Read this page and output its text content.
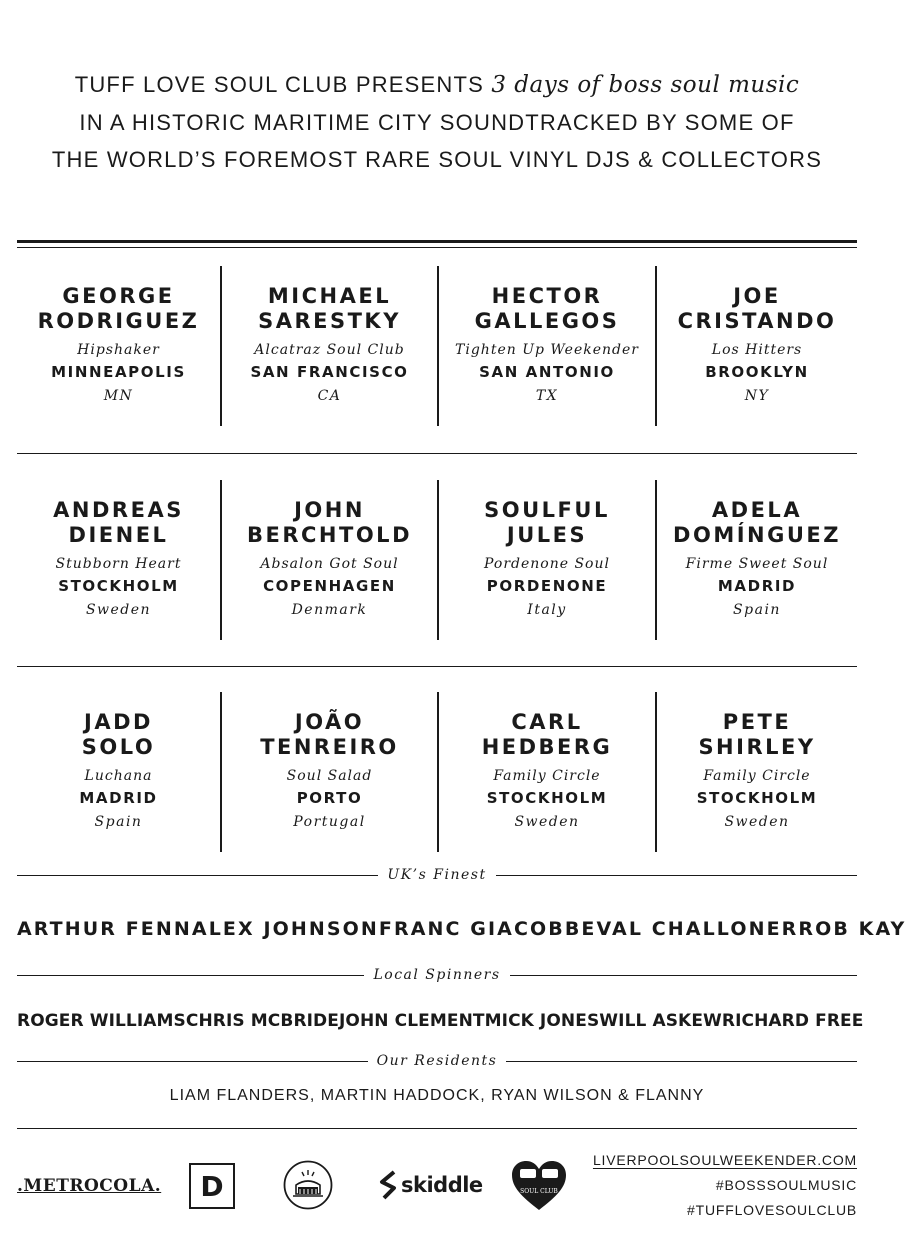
TUFF LOVE SOUL CLUB PRESENTS 3 days of boss soul music
IN A HISTORIC MARITIME CITY SOUNDTRACKED BY SOME OF
THE WORLD’S FOREMOST RARE SOUL VINYL DJS & COLLECTORS
GEORGE
RODRIGUEZ
Hipshaker
MINNEAPOLIS
MN
MICHAEL
SARESTKY
Alcatraz Soul Club
SAN FRANCISCO
CA
HECTOR
GALLEGOS
Tighten Up Weekender
SAN ANTONIO
TX
JOE
CRISTANDO
Los Hitters
BROOKLYN
NY
ANDREAS
DIENEL
Stubborn Heart
STOCKHOLM
Sweden
JOHN
BERCHTOLD
Absalon Got Soul
COPENHAGEN
Denmark
SOULFUL
JULES
Pordenone Soul
PORDENONE
Italy
ADELA
DOMÍNGUEZ
Firme Sweet Soul
MADRID
Spain
JADD
SOLO
Luchana
MADRID
Spain
JOÃO
TENREIRO
Soul Salad
PORTO
Portugal
CARL
HEDBERG
Family Circle
STOCKHOLM
Sweden
PETE
SHIRLEY
Family Circle
STOCKHOLM
Sweden
UK’s Finest
ARTHUR FENN ALEX JOHNSON FRANC GIACOBBE VAL CHALLONER ROB KAY
Local Spinners
ROGER WILLIAMS CHRIS MCBRIDE JOHN CLEMENT MICK JONES WILL ASKEW RICHARD FREE
Our Residents
LIAM FLANDERS, MARTIN HADDOCK, RYAN WILSON & FLANNY
.METROCOLA.	D	skiddle	SOUL CLUB
LIVERPOOLSOULWEEKENDER.COM
#BOSSSOULMUSIC
#TUFFLOVESOULCLUB
